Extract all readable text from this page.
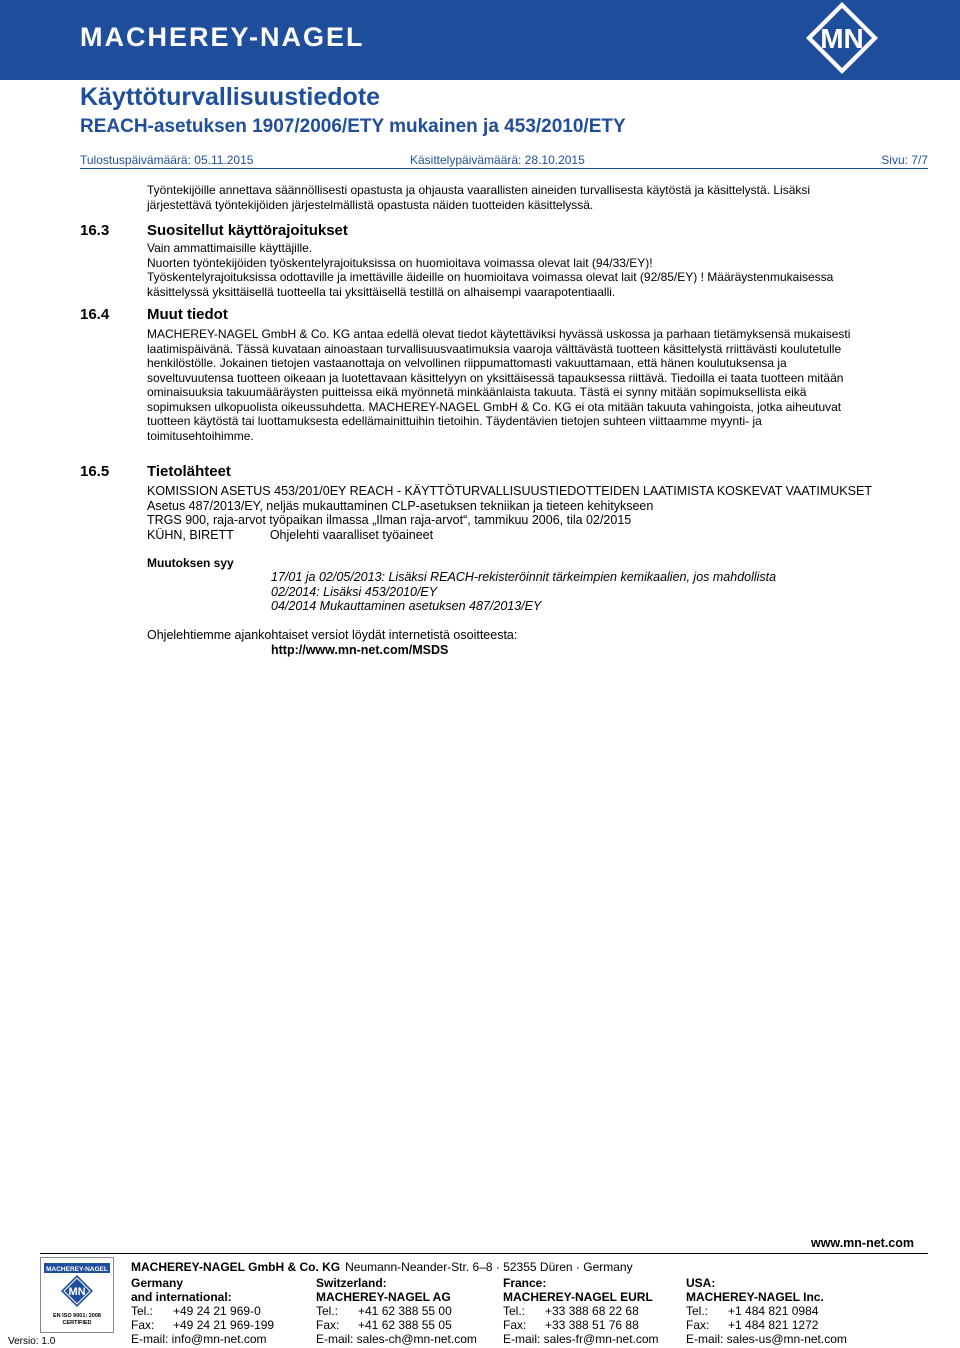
MACHEREY-NAGEL	MN
Käyttöturvallisuustiedote
REACH-asetuksen 1907/2006/ETY mukainen ja 453/2010/ETY
Tulostuspäivämäärä: 05.11.2015	Käsittelypäivämäärä: 28.10.2015	Sivu: 7/7
Työntekijöille annettava säännöllisesti opastusta ja ohjausta vaarallisten aineiden turvallisesta käytöstä ja käsittelystä. Lisäksi
järjestettävä työntekijöiden järjestelmällistä opastusta näiden tuotteiden käsittelyssä.
16.3	Suositellut käyttörajoitukset
Vain ammattimaisille käyttäjille.
Nuorten työntekijöiden työskentelyrajoituksissa on huomioitava voimassa olevat lait (94/33/EY)!
Työskentelyrajoituksissa odottaville ja imettäville äideille on huomioitava voimassa olevat lait (92/85/EY) ! Määräystenmukaisessa
käsittelyssä yksittäisellä tuotteella tai yksittäisellä testillä on alhaisempi vaarapotentiaalli.
16.4	Muut tiedot
MACHEREY-NAGEL GmbH & Co. KG antaa edellä olevat tiedot käytettäviksi hyvässä uskossa ja parhaan tietämyksensä mukaisesti
laatimispäivänä. Tässä kuvataan ainoastaan turvallisuusvaatimuksia vaaroja välttävästä tuotteen käsittelystä rriittävästi koulutetulle
henkilöstölle. Jokainen tietojen vastaanottaja on velvollinen riippumattomasti vakuuttamaan, että hänen koulutuksensa ja
soveltuvuutensa tuotteen oikeaan ja luotettavaan käsittelyyn on yksittäisessä tapauksessa riittävä. Tiedoilla ei taata tuotteen mitään
ominaisuuksia takuumääräysten puitteissa eikä myönnetä minkäänlaista takuuta. Tästä ei synny mitään sopimuksellista eikä
sopimuksen ulkopuolista oikeussuhdetta. MACHEREY-NAGEL GmbH & Co. KG ei ota mitään takuuta vahingoista, jotka aiheutuvat
tuotteen käytöstä tai luottamuksesta edellämainittuihin tietoihin. Täydentävien tietojen suhteen viittaamme myynti- ja
toimitusehtoihimme.
16.5	Tietolähteet
KOMISSION ASETUS 453/201/0EY REACH - KÄYTTÖTURVALLISUUSTIEDOTTEIDEN LAATIMISTA KOSKEVAT VAATIMUKSET
Asetus 487/2013/EY, neljäs mukauttaminen CLP-asetuksen tekniikan ja tieteen kehitykseen
TRGS 900, raja-arvot työpaikan ilmassa „Ilman raja-arvot“, tammikuu 2006, tila 02/2015
KÜHN, BIRETT	Ohjelehti vaaralliset työaineet
Muutoksen syy
17/01 ja 02/05/2013: Lisäksi REACH-rekisteröinnit tärkeimpien kemikaalien, jos mahdollista
02/2014: Lisäksi 453/2010/EY
04/2014 Mukauttaminen asetuksen 487/2013/EY
Ohjelehtiemme ajankohtaiset versiot löydät internetistä osoitteesta:
http://www.mn-net.com/MSDS
www.mn-net.com
MACHEREY-NAGEL
MN
EN ISO 9001: 2008
CERTIFIED
Versio: 1.0
MACHEREY-NAGEL GmbH & Co. KG Neumann-Neander-Str. 6–8 · 52355 Düren · Germany
Germany
and international:
Tel.: +49 24 21 969-0
Fax: +49 24 21 969-199
E-mail: info@mn-net.com
Switzerland:
MACHEREY-NAGEL AG
Tel.: +41 62 388 55 00
Fax: +41 62 388 55 05
E-mail: sales-ch@mn-net.com
France:
MACHEREY-NAGEL EURL
Tel.: +33 388 68 22 68
Fax: +33 388 51 76 88
E-mail: sales-fr@mn-net.com
USA:
MACHEREY-NAGEL Inc.
Tel.: +1 484 821 0984
Fax: +1 484 821 1272
E-mail: sales-us@mn-net.com
